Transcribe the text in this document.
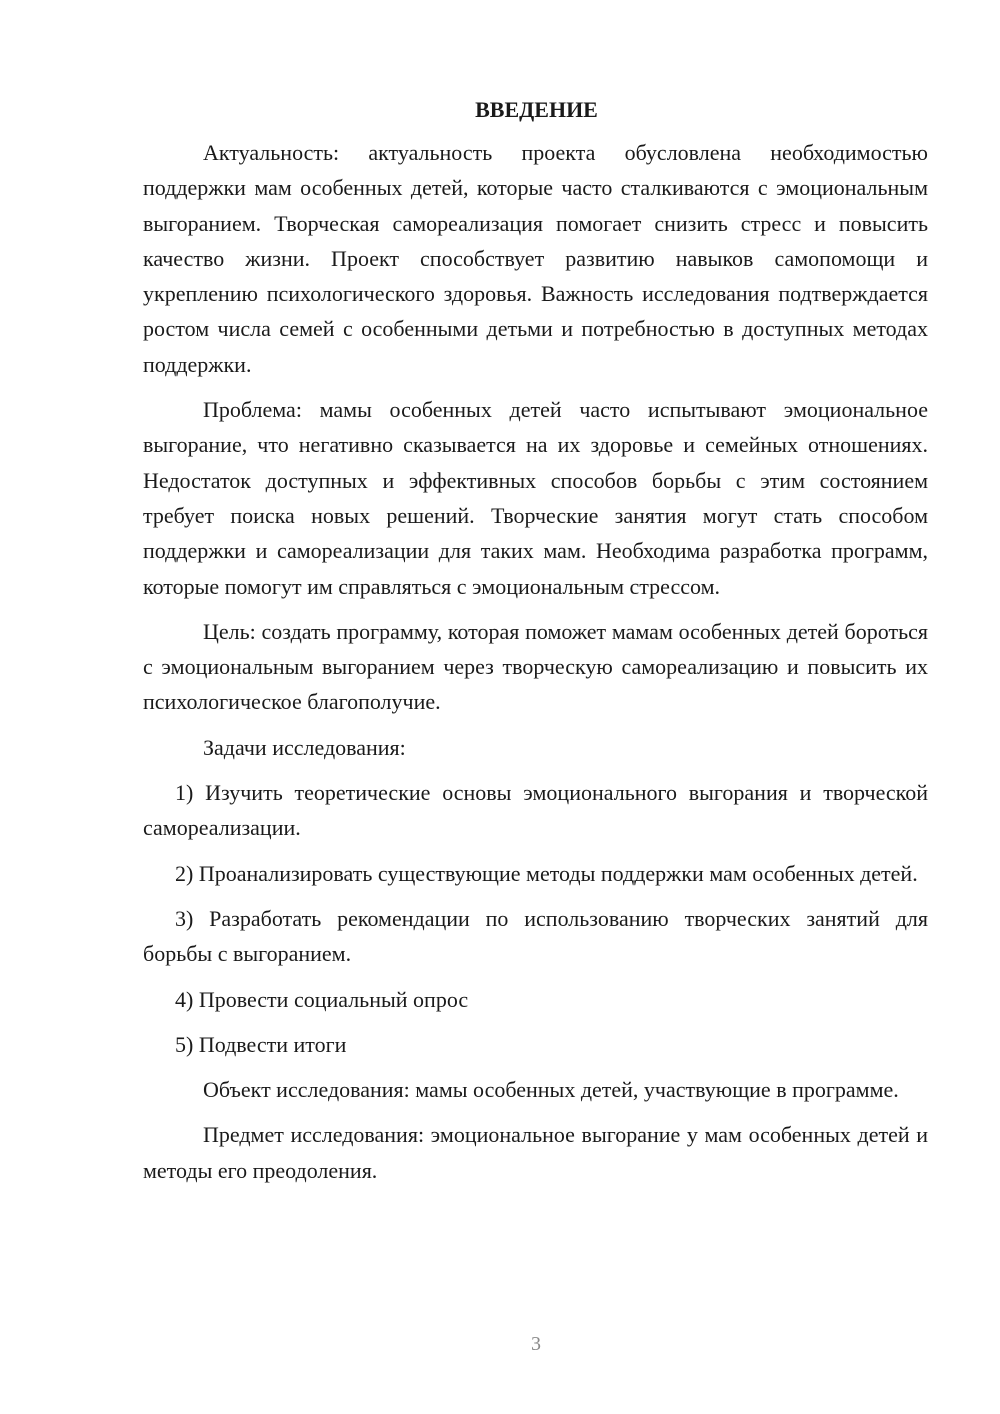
ВВЕДЕНИЕ

Актуальность: актуальность проекта обусловлена необходимостью поддержки мам особенных детей, которые часто сталкиваются с эмоциональным выгоранием. Творческая самореализация помогает снизить стресс и повысить качество жизни. Проект способствует развитию навыков самопомощи и укреплению психологического здоровья. Важность исследования подтверждается ростом числа семей с особенными детьми и потребностью в доступных методах поддержки.

Проблема: мамы особенных детей часто испытывают эмоциональное выгорание, что негативно сказывается на их здоровье и семейных отношениях. Недостаток доступных и эффективных способов борьбы с этим состоянием требует поиска новых решений. Творческие занятия могут стать способом поддержки и самореализации для таких мам. Необходима разработка программ, которые помогут им справляться с эмоциональным стрессом.

Цель: создать программу, которая поможет мамам особенных детей бороться с эмоциональным выгоранием через творческую самореализацию и повысить их психологическое благополучие.

Задачи исследования:

1) Изучить теоретические основы эмоционального выгорания и творческой самореализации.

2) Проанализировать существующие методы поддержки мам особенных детей.

3) Разработать рекомендации по использованию творческих занятий для борьбы с выгоранием.

4) Провести социальный опрос

5) Подвести итоги

Объект исследования: мамы особенных детей, участвующие в программе.

Предмет исследования: эмоциональное выгорание у мам особенных детей и методы его преодоления.

3
